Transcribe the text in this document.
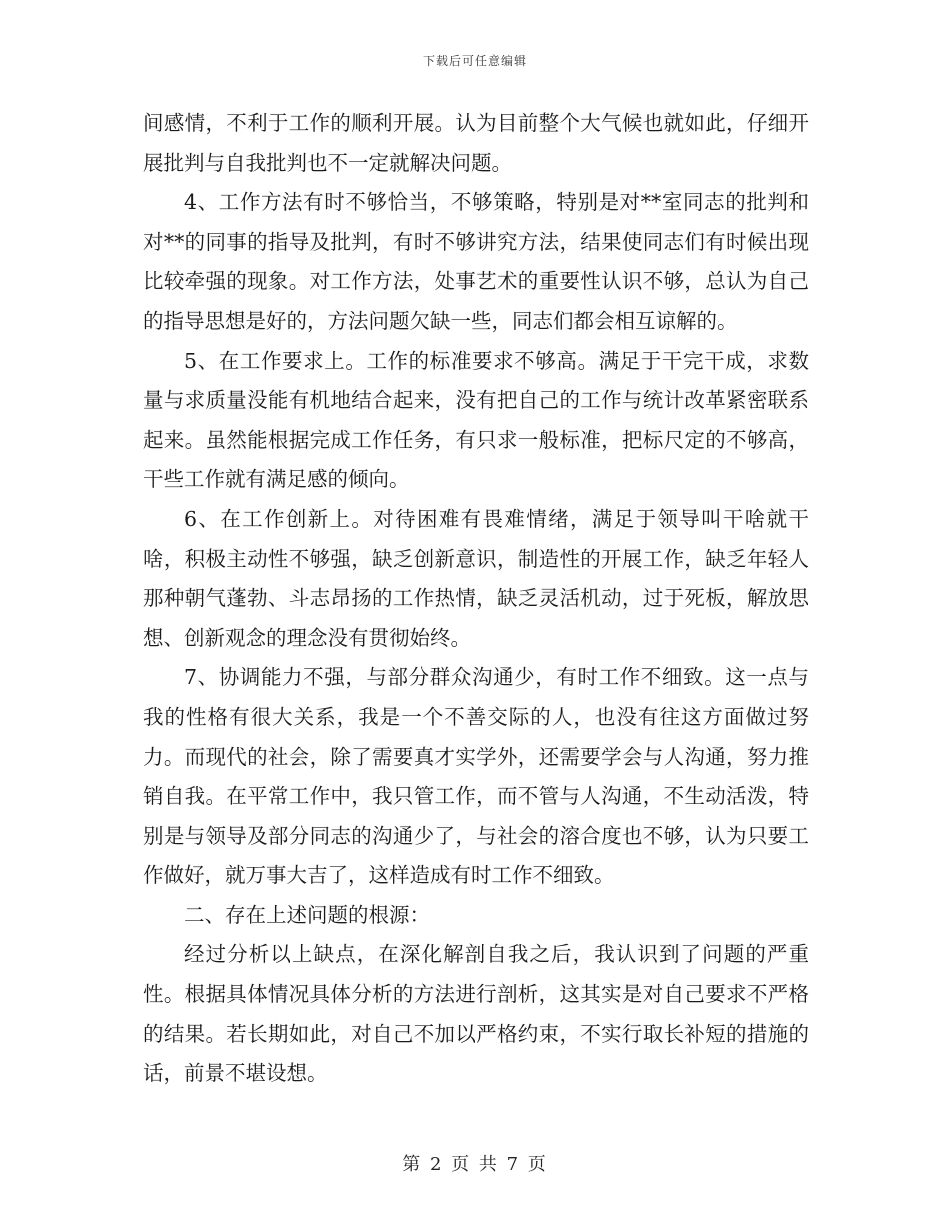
下载后可任意编辑

间感情，不利于工作的顺利开展。认为目前整个大气候也就如此，仔细开展批判与自我批判也不一定就解决问题。

4、工作方法有时不够恰当，不够策略，特别是对**室同志的批判和对**的同事的指导及批判，有时不够讲究方法，结果使同志们有时候出现比较牵强的现象。对工作方法，处事艺术的重要性认识不够，总认为自己的指导思想是好的，方法问题欠缺一些，同志们都会相互谅解的。

5、在工作要求上。工作的标准要求不够高。满足于干完干成，求数量与求质量没能有机地结合起来，没有把自己的工作与统计改革紧密联系起来。虽然能根据完成工作任务，有只求一般标准，把标尺定的不够高，干些工作就有满足感的倾向。

6、在工作创新上。对待困难有畏难情绪，满足于领导叫干啥就干啥，积极主动性不够强，缺乏创新意识，制造性的开展工作，缺乏年轻人那种朝气蓬勃、斗志昂扬的工作热情，缺乏灵活机动，过于死板，解放思想、创新观念的理念没有贯彻始终。

7、协调能力不强，与部分群众沟通少，有时工作不细致。这一点与我的性格有很大关系，我是一个不善交际的人，也没有往这方面做过努力。而现代的社会，除了需要真才实学外，还需要学会与人沟通，努力推销自我。在平常工作中，我只管工作，而不管与人沟通，不生动活泼，特别是与领导及部分同志的沟通少了，与社会的溶合度也不够，认为只要工作做好，就万事大吉了，这样造成有时工作不细致。

二、存在上述问题的根源：

经过分析以上缺点，在深化解剖自我之后，我认识到了问题的严重性。根据具体情况具体分析的方法进行剖析，这其实是对自己要求不严格的结果。若长期如此，对自己不加以严格约束，不实行取长补短的措施的话，前景不堪设想。

第 2 页 共 7 页
